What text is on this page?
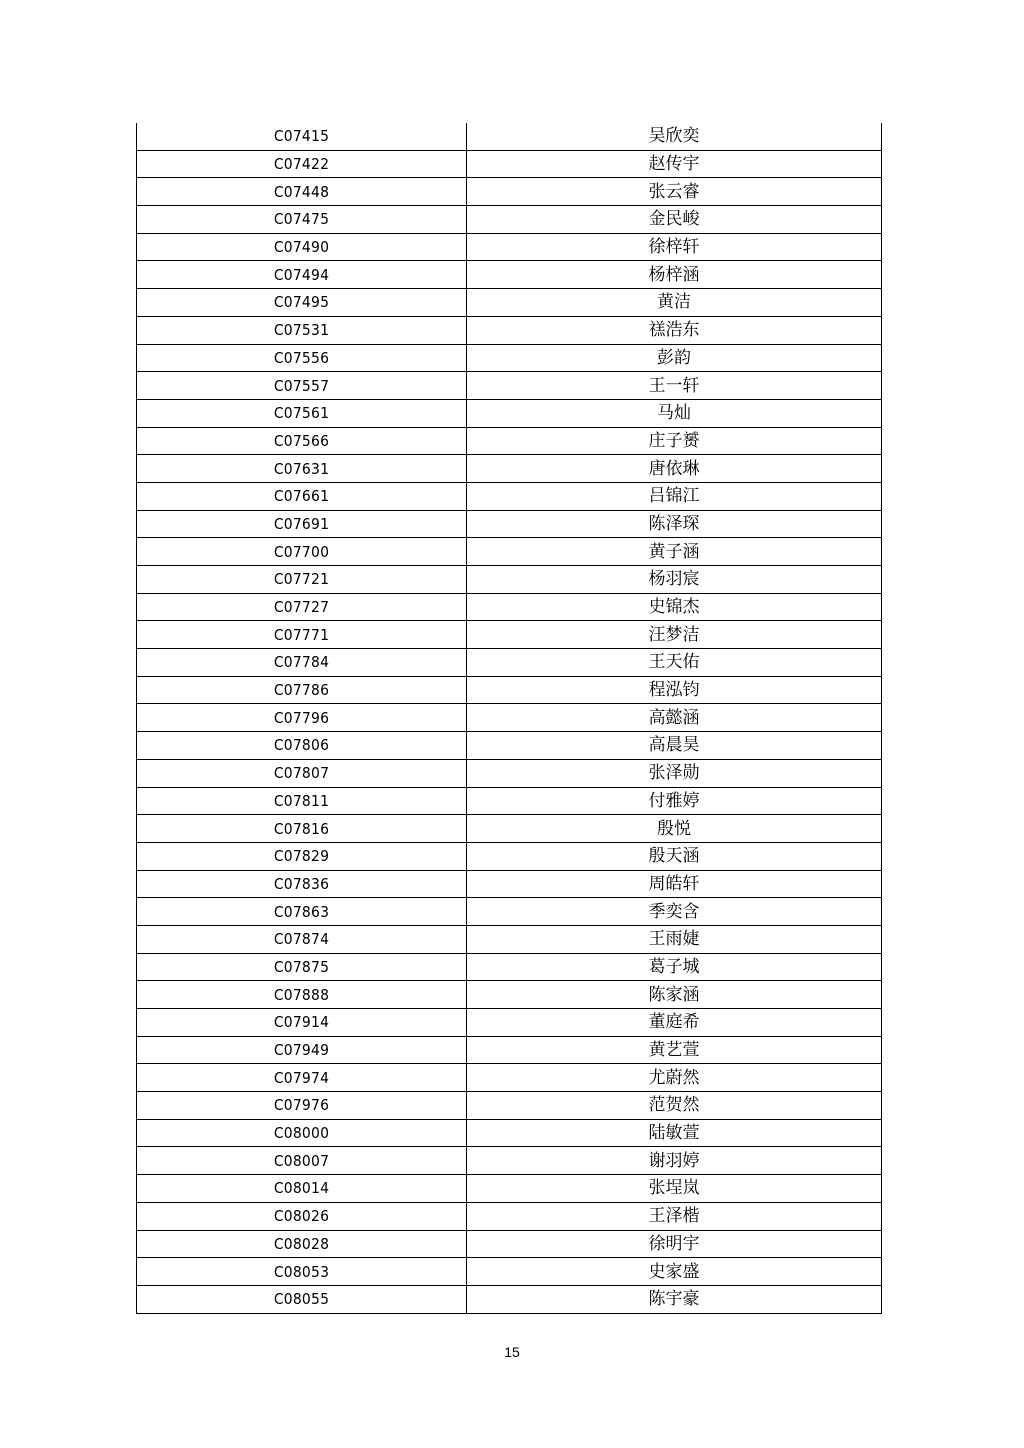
C07415	吴欣奕
C07422	赵传宇
C07448	张云睿
C07475	金民峻
C07490	徐梓轩
C07494	杨梓涵
C07495	黄洁
C07531	禚浩东
C07556	彭韵
C07557	王一轩
C07561	马灿
C07566	庄子赟
C07631	唐依琳
C07661	吕锦江
C07691	陈泽琛
C07700	黄子涵
C07721	杨羽宸
C07727	史锦杰
C07771	汪梦洁
C07784	王天佑
C07786	程泓钧
C07796	高懿涵
C07806	高晨昊
C07807	张泽勋
C07811	付雅婷
C07816	殷悦
C07829	殷天涵
C07836	周皓轩
C07863	季奕含
C07874	王雨婕
C07875	葛子城
C07888	陈家涵
C07914	董庭希
C07949	黄艺萱
C07974	尤蔚然
C07976	范贺然
C08000	陆敏萱
C08007	谢羽婷
C08014	张埕岚
C08026	王泽楷
C08028	徐明宇
C08053	史家盛
C08055	陈宇豪
15
